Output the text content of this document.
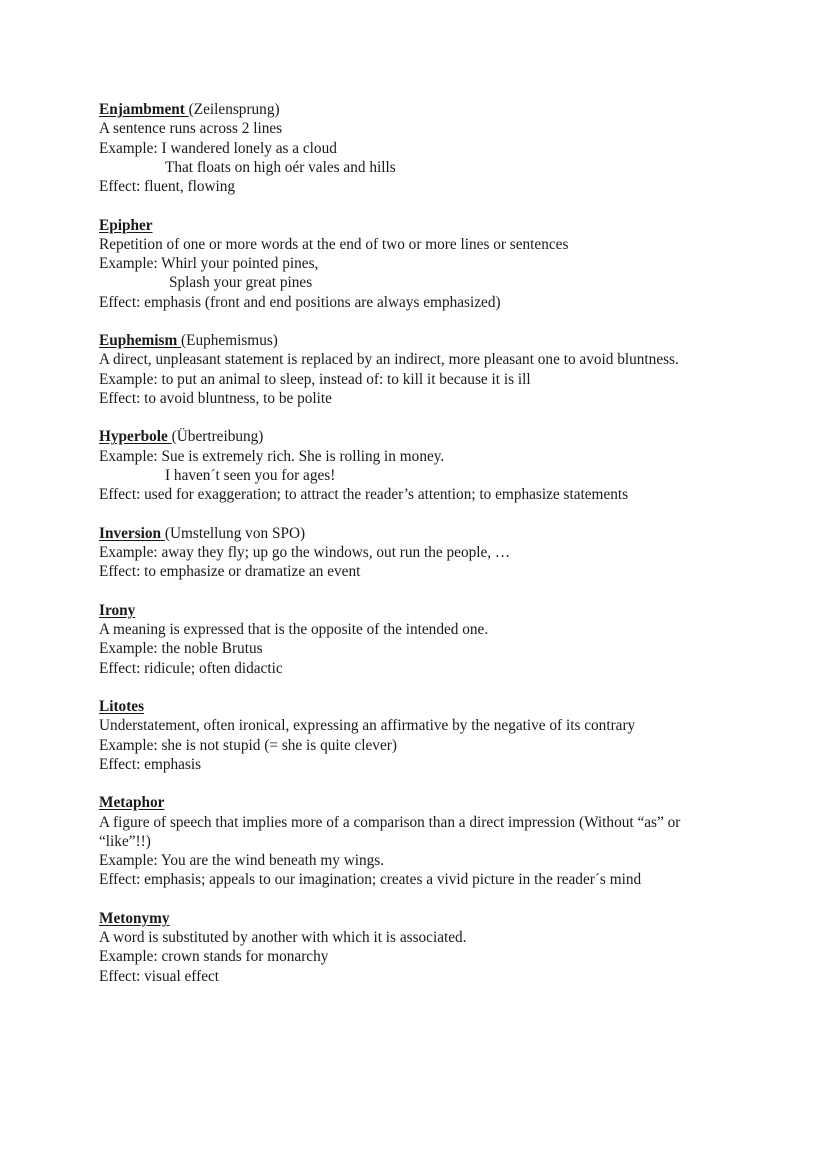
Enjambment (Zeilensprung)
A sentence runs across 2 lines
Example: I wandered lonely as a cloud
That floats on high oér vales and hills
Effect: fluent, flowing
Epipher
Repetition of one or more words at the end of two or more lines or sentences
Example: Whirl your pointed pines,
Splash your great pines
Effect: emphasis (front and end positions are always emphasized)
Euphemism (Euphemismus)
A direct, unpleasant statement is replaced by an indirect, more pleasant one to avoid bluntness.
Example: to put an animal to sleep, instead of: to kill it because it is ill
Effect: to avoid bluntness, to be polite
Hyperbole (Übertreibung)
Example: Sue is extremely rich. She is rolling in money.
I haven´t seen you for ages!
Effect: used for exaggeration; to attract the reader’s attention; to emphasize statements
Inversion (Umstellung von SPO)
Example: away they fly; up go the windows, out run the people, …
Effect: to emphasize or dramatize an event
Irony
A meaning is expressed that is the opposite of the intended one.
Example: the noble Brutus
Effect: ridicule; often didactic
Litotes
Understatement, often ironical, expressing an affirmative by the negative of its contrary
Example: she is not stupid (= she is quite clever)
Effect: emphasis
Metaphor
A figure of speech that implies more of a comparison than a direct impression (Without “as” or “like”!!)
Example: You are the wind beneath my wings.
Effect: emphasis; appeals to our imagination; creates a vivid picture in the reader´s mind
Metonymy
A word is substituted by another with which it is associated.
Example: crown stands for monarchy
Effect: visual effect
